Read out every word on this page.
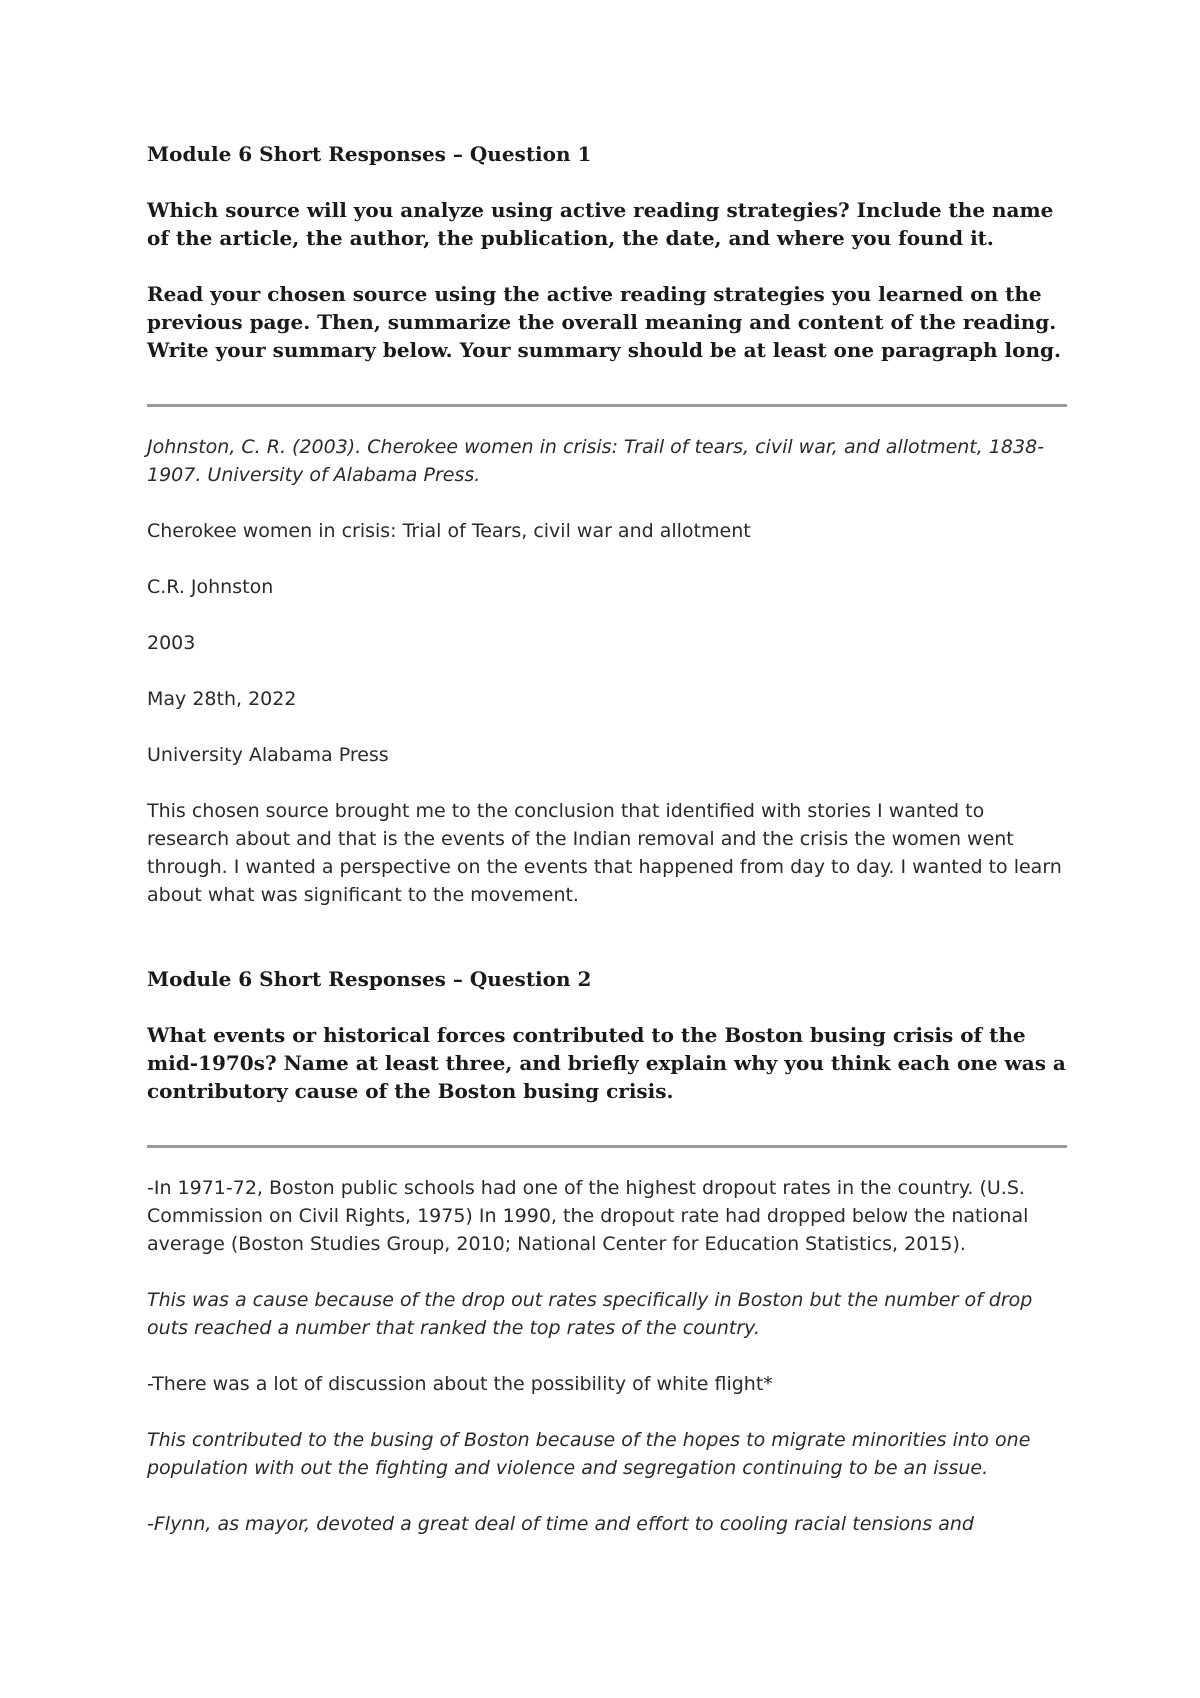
Module 6 Short Responses – Question 1

Which source will you analyze using active reading strategies? Include the name of the article, the author, the publication, the date, and where you found it.

Read your chosen source using the active reading strategies you learned on the previous page. Then, summarize the overall meaning and content of the reading. Write your summary below. Your summary should be at least one paragraph long.

Johnston, C. R. (2003). Cherokee women in crisis: Trail of tears, civil war, and allotment, 1838-1907. University of Alabama Press.

Cherokee women in crisis: Trial of Tears, civil war and allotment

C.R. Johnston

2003

May 28th, 2022

University Alabama Press

This chosen source brought me to the conclusion that identified with stories I wanted to research about and that is the events of the Indian removal and the crisis the women went through. I wanted a perspective on the events that happened from day to day. I wanted to learn about what was significant to the movement.

Module 6 Short Responses – Question 2

What events or historical forces contributed to the Boston busing crisis of the mid-1970s? Name at least three, and briefly explain why you think each one was a contributory cause of the Boston busing crisis.

-In 1971-72, Boston public schools had one of the highest dropout rates in the country. (U.S. Commission on Civil Rights, 1975) In 1990, the dropout rate had dropped below the national average (Boston Studies Group, 2010; National Center for Education Statistics, 2015).

This was a cause because of the drop out rates specifically in Boston but the number of drop outs reached a number that ranked the top rates of the country.

-There was a lot of discussion about the possibility of white flight*

This contributed to the busing of Boston because of the hopes to migrate minorities into one population with out the fighting and violence and segregation continuing to be an issue.

-Flynn, as mayor, devoted a great deal of time and effort to cooling racial tensions and
